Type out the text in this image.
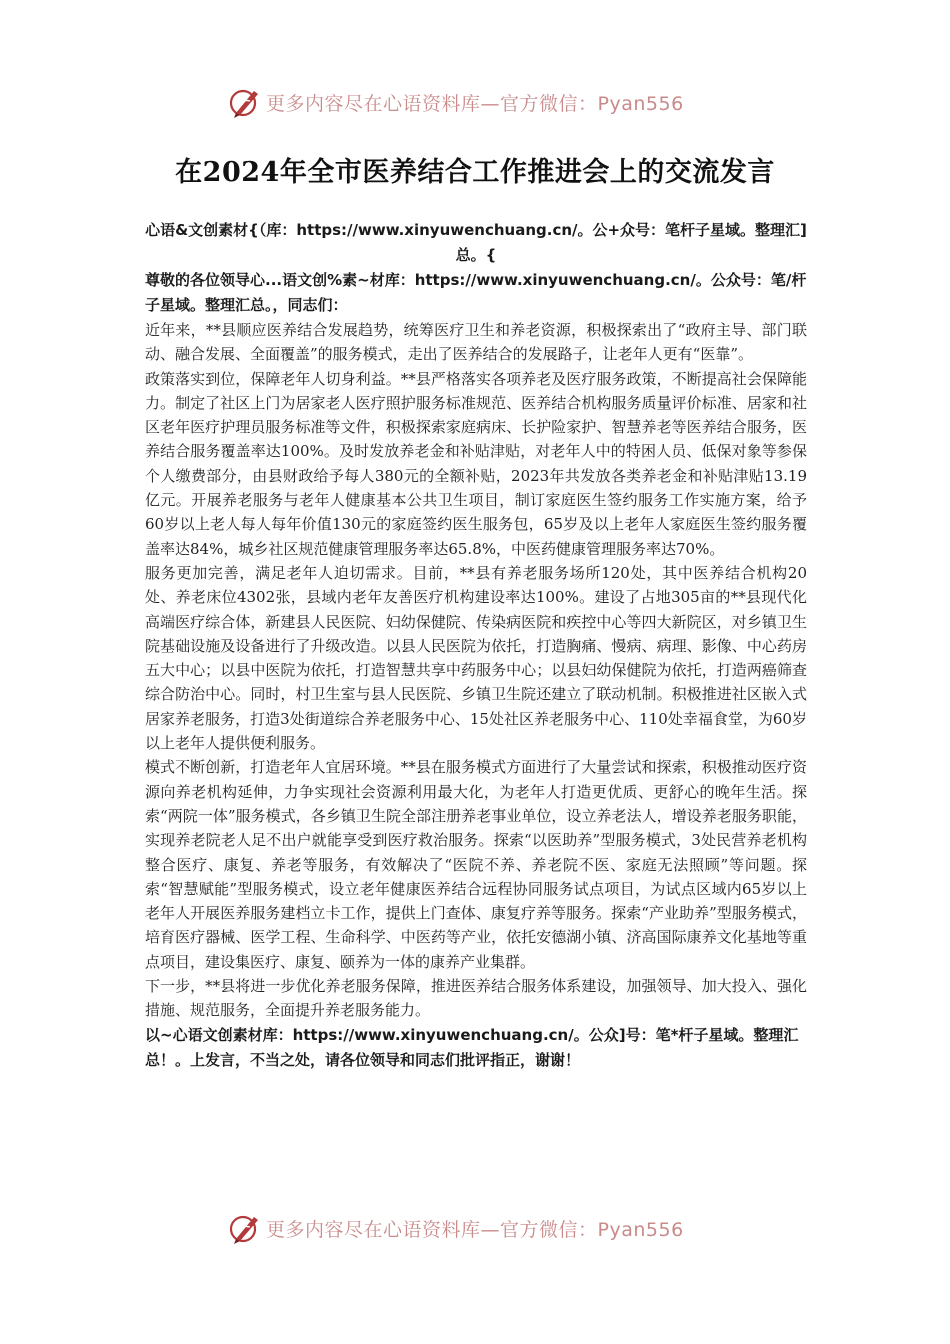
更多内容尽在心语资料库—官方微信：Pyan556
在2024年全市医养结合工作推进会上的交流发言
心语&文创素材{（库：https://www.xinyuwenchuang.cn/。公+众号：笔杆子星域。整理汇]总。{
尊敬的各位领导心...语文创%素~材库：https://www.xinyuwenchuang.cn/。公众号：笔/杆子星域。整理汇总。，同志们：

近年来，**县顺应医养结合发展趋势，统筹医疗卫生和养老资源，积极探索出了“政府主导、部门联动、融合发展、全面覆盖”的服务模式，走出了医养结合的发展路子，让老年人更有“医靠”。

政策落实到位，保障老年人切身利益。**县严格落实各项养老及医疗服务政策，不断提高社会保障能力。制定了社区上门为居家老人医疗照护服务标准规范、医养结合机构服务质量评价标准、居家和社区老年医疗护理员服务标准等文件，积极探索家庭病床、长护险家护、智慧养老等医养结合服务，医养结合服务覆盖率达100%。及时发放养老金和补贴津贴，对老年人中的特困人员、低保对象等参保个人缴费部分，由县财政给予每人380元的全额补贴，2023年共发放各类养老金和补贴津贴13.19亿元。开展养老服务与老年人健康基本公共卫生项目，制订家庭医生签约服务工作实施方案，给予60岁以上老人每人每年价值130元的家庭签约医生服务包，65岁及以上老年人家庭医生签约服务覆盖率达84%，城乡社区规范健康管理服务率达65.8%，中医药健康管理服务率达70%。

服务更加完善，满足老年人迫切需求。目前，**县有养老服务场所120处，其中医养结合机构20处、养老床位4302张，县域内老年友善医疗机构建设率达100%。建设了占地305亩的**县现代化高端医疗综合体，新建县人民医院、妇幼保健院、传染病医院和疾控中心等四大新院区，对乡镇卫生院基础设施及设备进行了升级改造。以县人民医院为依托，打造胸痛、慢病、病理、影像、中心药房五大中心；以县中医院为依托，打造智慧共享中药服务中心；以县妇幼保健院为依托，打造两癌筛查综合防治中心。同时，村卫生室与县人民医院、乡镇卫生院还建立了联动机制。积极推进社区嵌入式居家养老服务，打造3处街道综合养老服务中心、15处社区养老服务中心、110处幸福食堂，为60岁以上老年人提供便利服务。

模式不断创新，打造老年人宜居环境。**县在服务模式方面进行了大量尝试和探索，积极推动医疗资源向养老机构延伸，力争实现社会资源利用最大化，为老年人打造更优质、更舒心的晚年生活。探索“两院一体”服务模式，各乡镇卫生院全部注册养老事业单位，设立养老法人，增设养老服务职能，实现养老院老人足不出户就能享受到医疗救治服务。探索“以医助养”型服务模式，3处民营养老机构整合医疗、康复、养老等服务，有效解决了“医院不养、养老院不医、家庭无法照顾”等问题。探索“智慧赋能”型服务模式，设立老年健康医养结合远程协同服务试点项目，为试点区域内65岁以上老年人开展医养服务建档立卡工作，提供上门查体、康复疗养等服务。探索“产业助养”型服务模式，培育医疗器械、医学工程、生命科学、中医药等产业，依托安德湖小镇、济高国际康养文化基地等重点项目，建设集医疗、康复、颐养为一体的康养产业集群。

下一步，**县将进一步优化养老服务保障，推进医养结合服务体系建设，加强领导、加大投入、强化措施、规范服务，全面提升养老服务能力。

以~心语文创素材库：https://www.xinyuwenchuang.cn/。公众]号：笔*杆子星域。整理汇总！。上发言，不当之处，请各位领导和同志们批评指正，谢谢！
更多内容尽在心语资料库—官方微信：Pyan556
